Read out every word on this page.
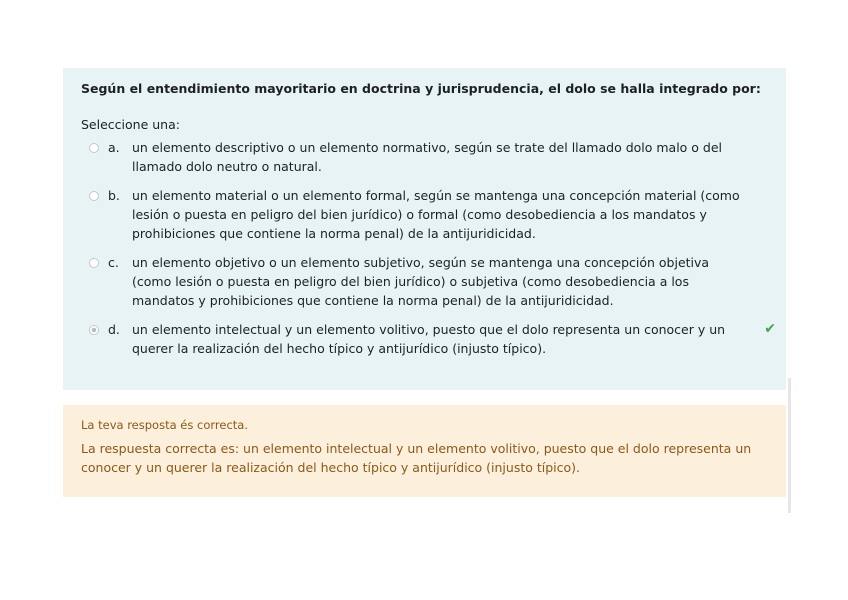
Según el entendimiento mayoritario en doctrina y jurisprudencia, el dolo se halla integrado por:

Seleccione una:

a. un elemento descriptivo o un elemento normativo, según se trate del llamado dolo malo o del llamado dolo neutro o natural.
b. un elemento material o un elemento formal, según se mantenga una concepción material (como lesión o puesta en peligro del bien jurídico) o formal (como desobediencia a los mandatos y prohibiciones que contiene la norma penal) de la antijuridicidad.
c.	un elemento objetivo o un elemento subjetivo, según se mantenga una concepción objetiva (como lesión o puesta en peligro del bien jurídico) o subjetiva (como desobediencia a los mandatos y prohibiciones que contiene la norma penal) de la antijuridicidad.
d. un elemento intelectual y un elemento volitivo, puesto que el dolo representa un conocer y un querer la realización del hecho típico y antijurídico (injusto típico).
✔

La teva resposta és correcta.

La respuesta correcta es: un elemento intelectual y un elemento volitivo, puesto que el dolo representa un conocer y un querer la realización del hecho típico y antijurídico (injusto típico).
